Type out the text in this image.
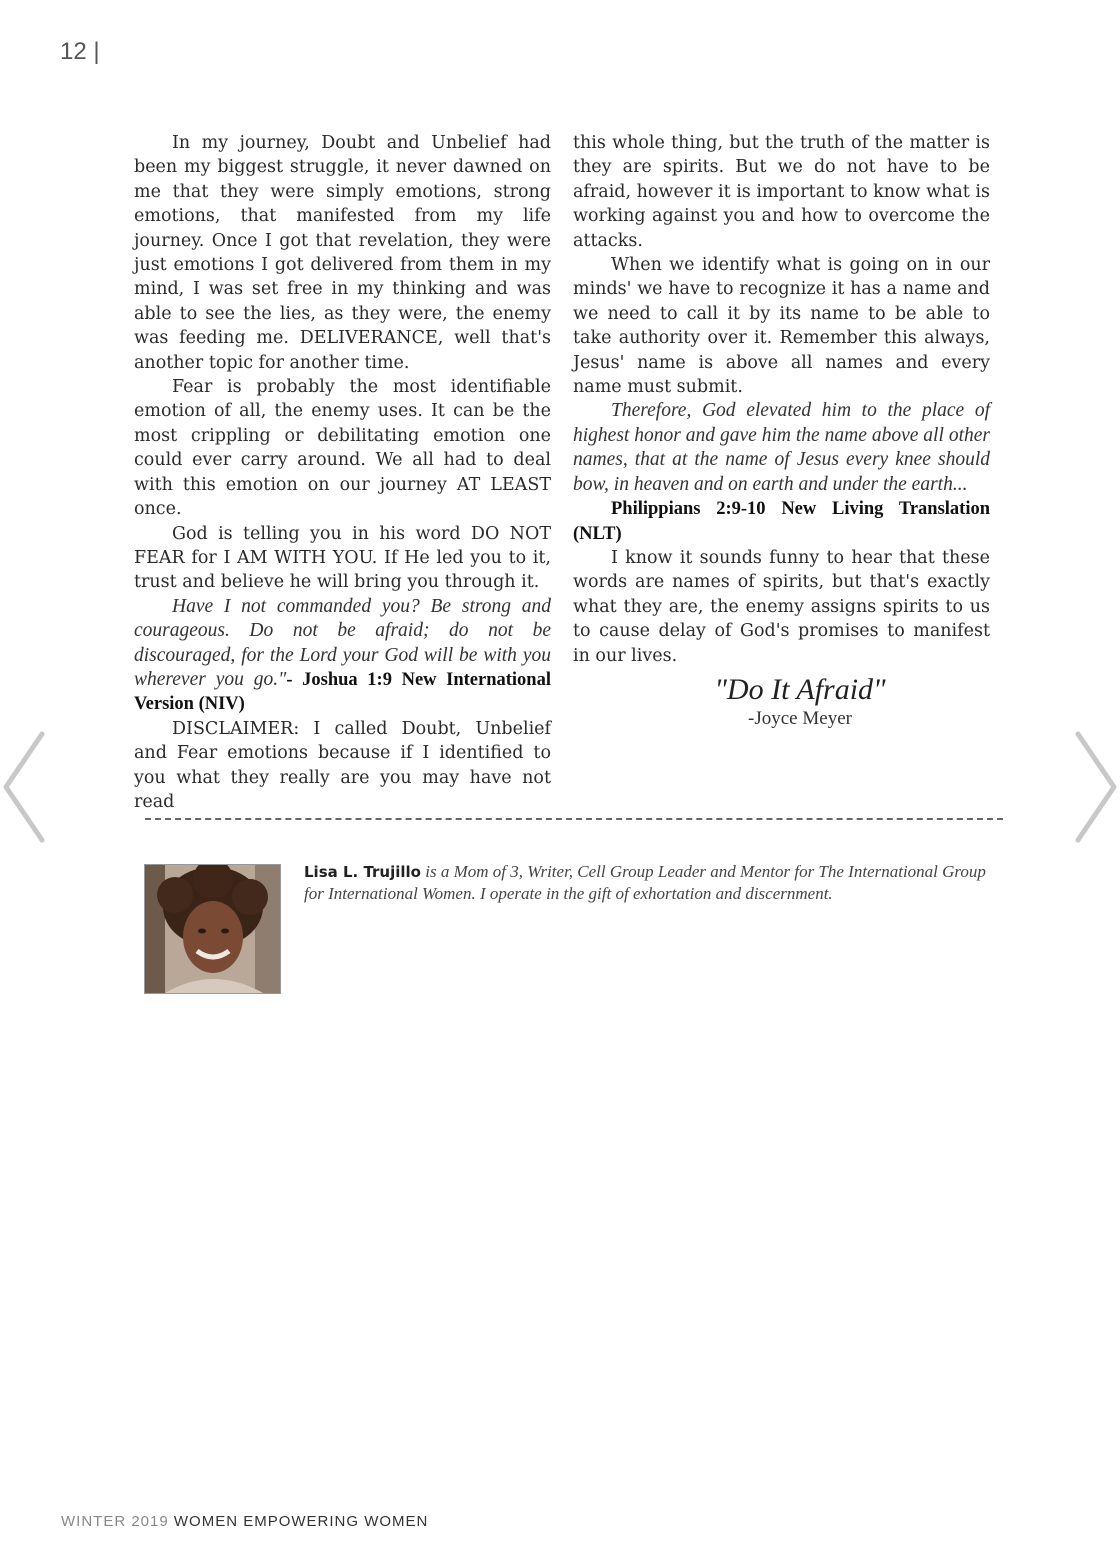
12 |

In my journey, Doubt and Unbelief had been my biggest struggle, it never dawned on me that they were simply emotions, strong emotions, that manifested from my life journey. Once I got that revelation, they were just emotions I got delivered from them in my mind, I was set free in my thinking and was able to see the lies, as they were, the enemy was feeding me. DELIVERANCE, well that's another topic for another time.

Fear is probably the most identifiable emotion of all, the enemy uses. It can be the most crippling or debilitating emotion one could ever carry around. We all had to deal with this emotion on our journey AT LEAST once.

God is telling you in his word DO NOT FEAR for I AM WITH YOU. If He led you to it, trust and believe he will bring you through it.

Have I not commanded you? Be strong and courageous. Do not be afraid; do not be discouraged, for the Lord your God will be with you wherever you go."- Joshua 1:9 New International Version (NIV)

DISCLAIMER: I called Doubt, Unbelief and Fear emotions because if I identified to you what they really are you may have not read

this whole thing, but the truth of the matter is they are spirits. But we do not have to be afraid, however it is important to know what is working against you and how to overcome the attacks.

When we identify what is going on in our minds' we have to recognize it has a name and we need to call it by its name to be able to take authority over it. Remember this always, Jesus' name is above all names and every name must submit.

Therefore, God elevated him to the place of highest honor and gave him the name above all other names, that at the name of Jesus every knee should bow, in heaven and on earth and under the earth...

Philippians 2:9-10 New Living Translation (NLT)

I know it sounds funny to hear that these words are names of spirits, but that's exactly what they are, the enemy assigns spirits to us to cause delay of God's promises to manifest in our lives.

"Do It Afraid"
-Joyce Meyer
Lisa L. Trujillo is a Mom of 3, Writer, Cell Group Leader and Mentor for The International Group for International Women. I operate in the gift of exhortation and discernment.
WINTER 2019 WOMEN EMPOWERING WOMEN
